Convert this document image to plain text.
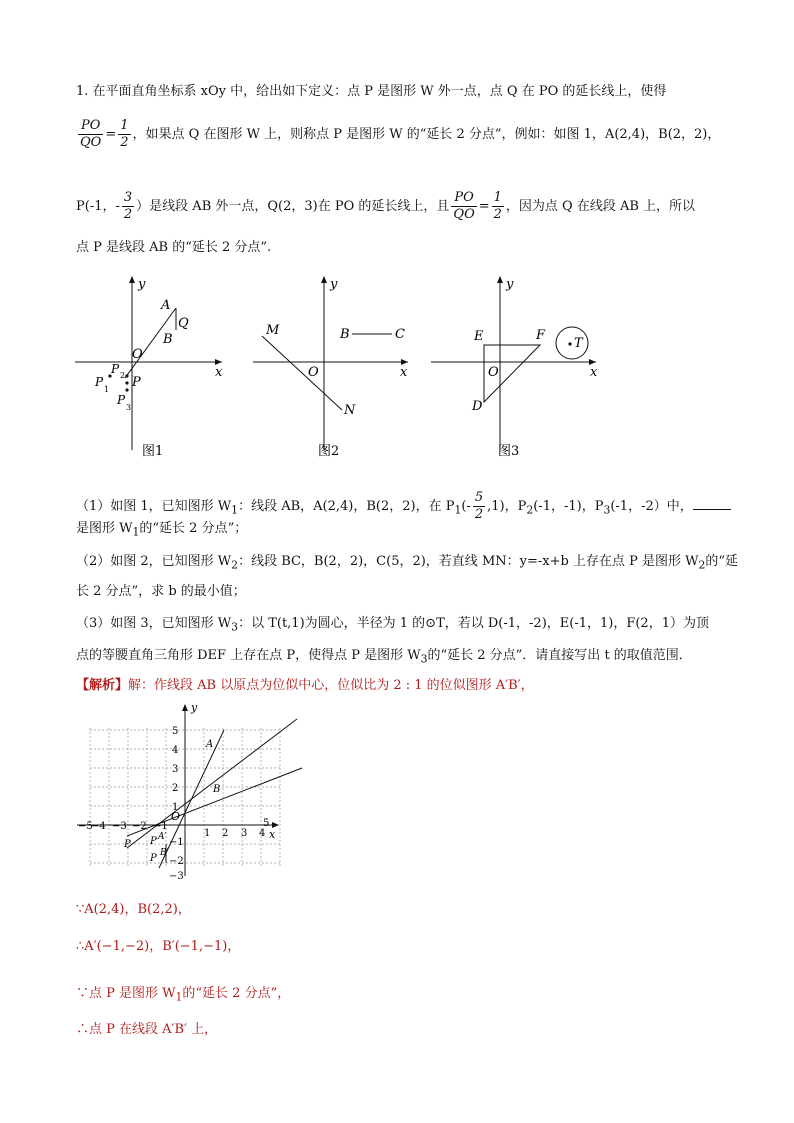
1. 在平面直角坐标系 xOy 中，给出如下定义：点 P 是图形 W 外一点，点 Q 在 PO 的延长线上，使得
$\frac{PO}{QO} = \frac{1}{2}$ ，如果点 Q 在图形 W 上，则称点 P 是图形 W 的“延长 2 分点”，例如：如图 1，A(2,4)，B(2，2)，
P(-1，- $\frac{3}{2}$ ）是线段 AB 外一点，Q(2，3)在 PO 的延长线上，且 $\frac{PO}{QO} = \frac{1}{2}$ ，因为点 Q 在线段 AB 上，所以
点 P 是线段 AB 的“延长 2 分点”.
y
x
O
A
B
Q
P
P
1
P 2
P
3
图1
y
x
O
M
N
B	C
图2
y
x
O
E	F
D
T
图3
（1）如图 1，已知图形 $W_1$：线段 AB，A(2,4)，B(2，2)，在 $P_1(- \frac{5}{2} ,1)$，$P_2(-1$，-1)，$P_3(-1$，-2）中，
是图形 $W_1$的“延长 2 分点”；
（2）如图 2，已知图形 $W_2$：线段 BC，B(2，2)，C(5，2)，若直线 MN：y=-x+b 上存在点 P 是图形 $W_2$的“延
长 2 分点”，求 b 的最小值；
（3）如图 3，已知图形 $W_3$：以 T(t,1)为圆心，半径为 1 的⊙T，若以 D(-1，-2)，E(-1，1)，F(2，1）为顶
点的等腰直角三角形 DEF 上存在点 P，使得点 P 是图形 $W_3$的“延长 2 分点”．请直接写出 t 的取值范围．
【解析】解：作线段 AB 以原点为位似中心，位似比为 2 : 1 的位似图形 A′B′，
y
x
O
−5
−4 −3 −2 −1
1 2 3 4
5
5
4
3
2
1
−1
−2
−3
A
B
P P
P
A′
B′
∵A(2,4)，B(2,2)，
∴A′(−1,−2)，B′(−1,−1)，
∵点 P 是图形 $W_1$的“延长 2 分点”，
∴点 P 在线段 A′B′ 上，
